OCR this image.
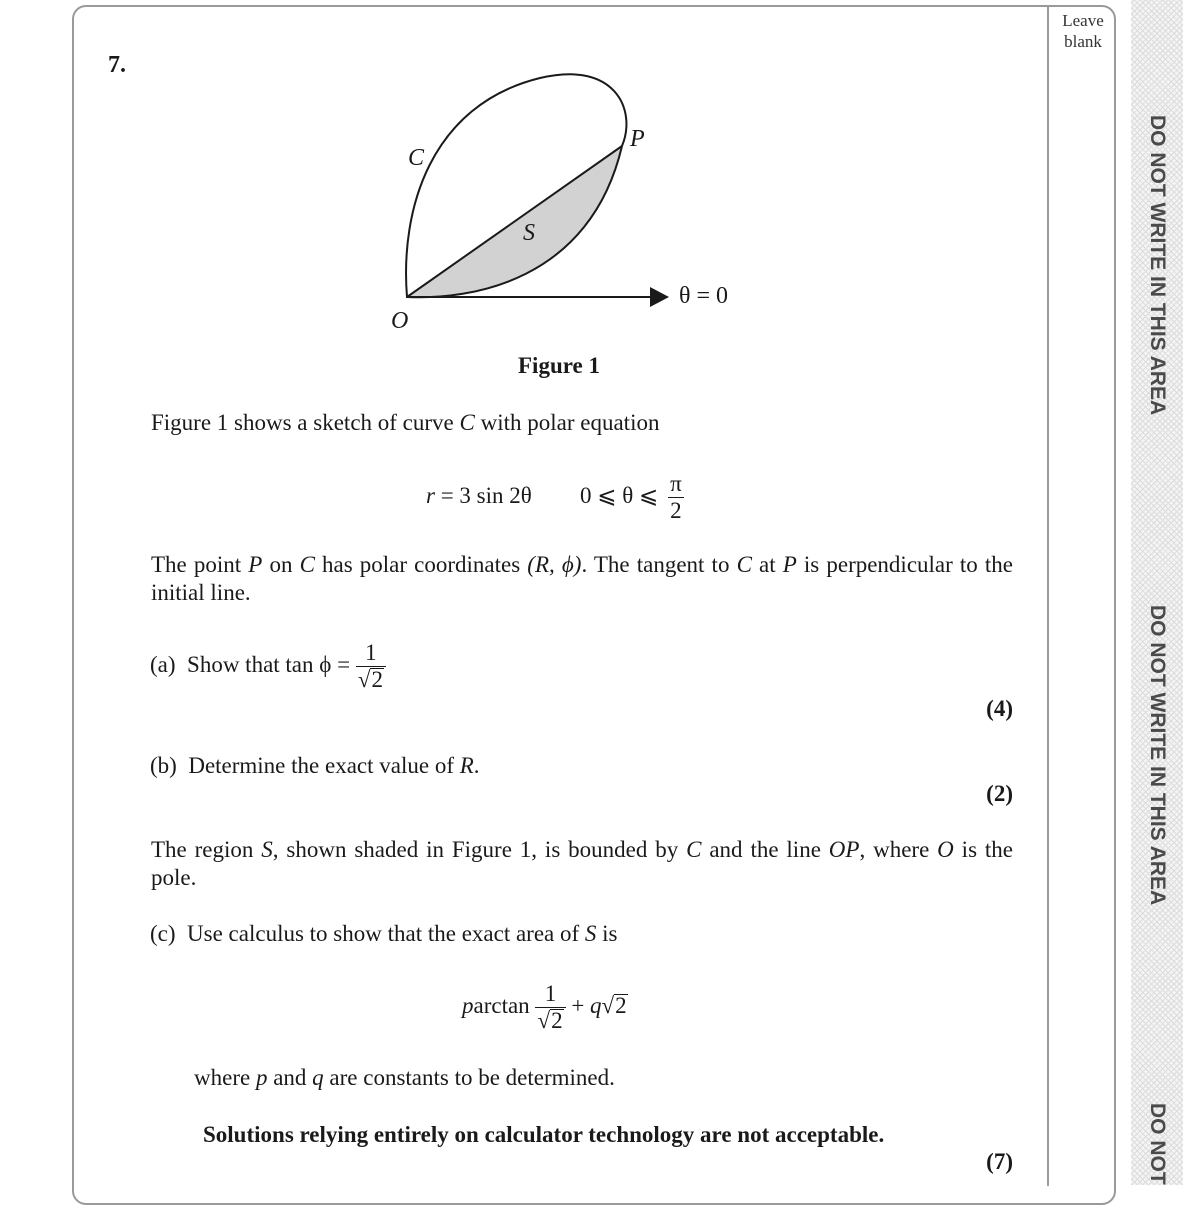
Leave
blank
DO NOT WRITE IN THIS AREA
DO NOT WRITE IN THIS AREA
DO NOT
7.
C
P
S
O
θ = 0
Figure 1
Figure 1 shows a sketch of curve C with polar equation
r = 3 sin 2θ 0 ⩽ θ ⩽ $\frac{\pi}{2}$
The point P on C has polar coordinates (R, ϕ). The tangent to C at P is perpendicular to the initial line.
(a) Show that $\tan \phi = \frac{1}{√2}$
(4)
(b) Determine the exact value of R.
(2)
The region S, shown shaded in Figure 1, is bounded by C and the line OP, where O is the pole.
(c) Use calculus to show that the exact area of S is
parctan $\frac{1}{√2} + q√2$
where p and q are constants to be determined.
Solutions relying entirely on calculator technology are not acceptable.
(7)
